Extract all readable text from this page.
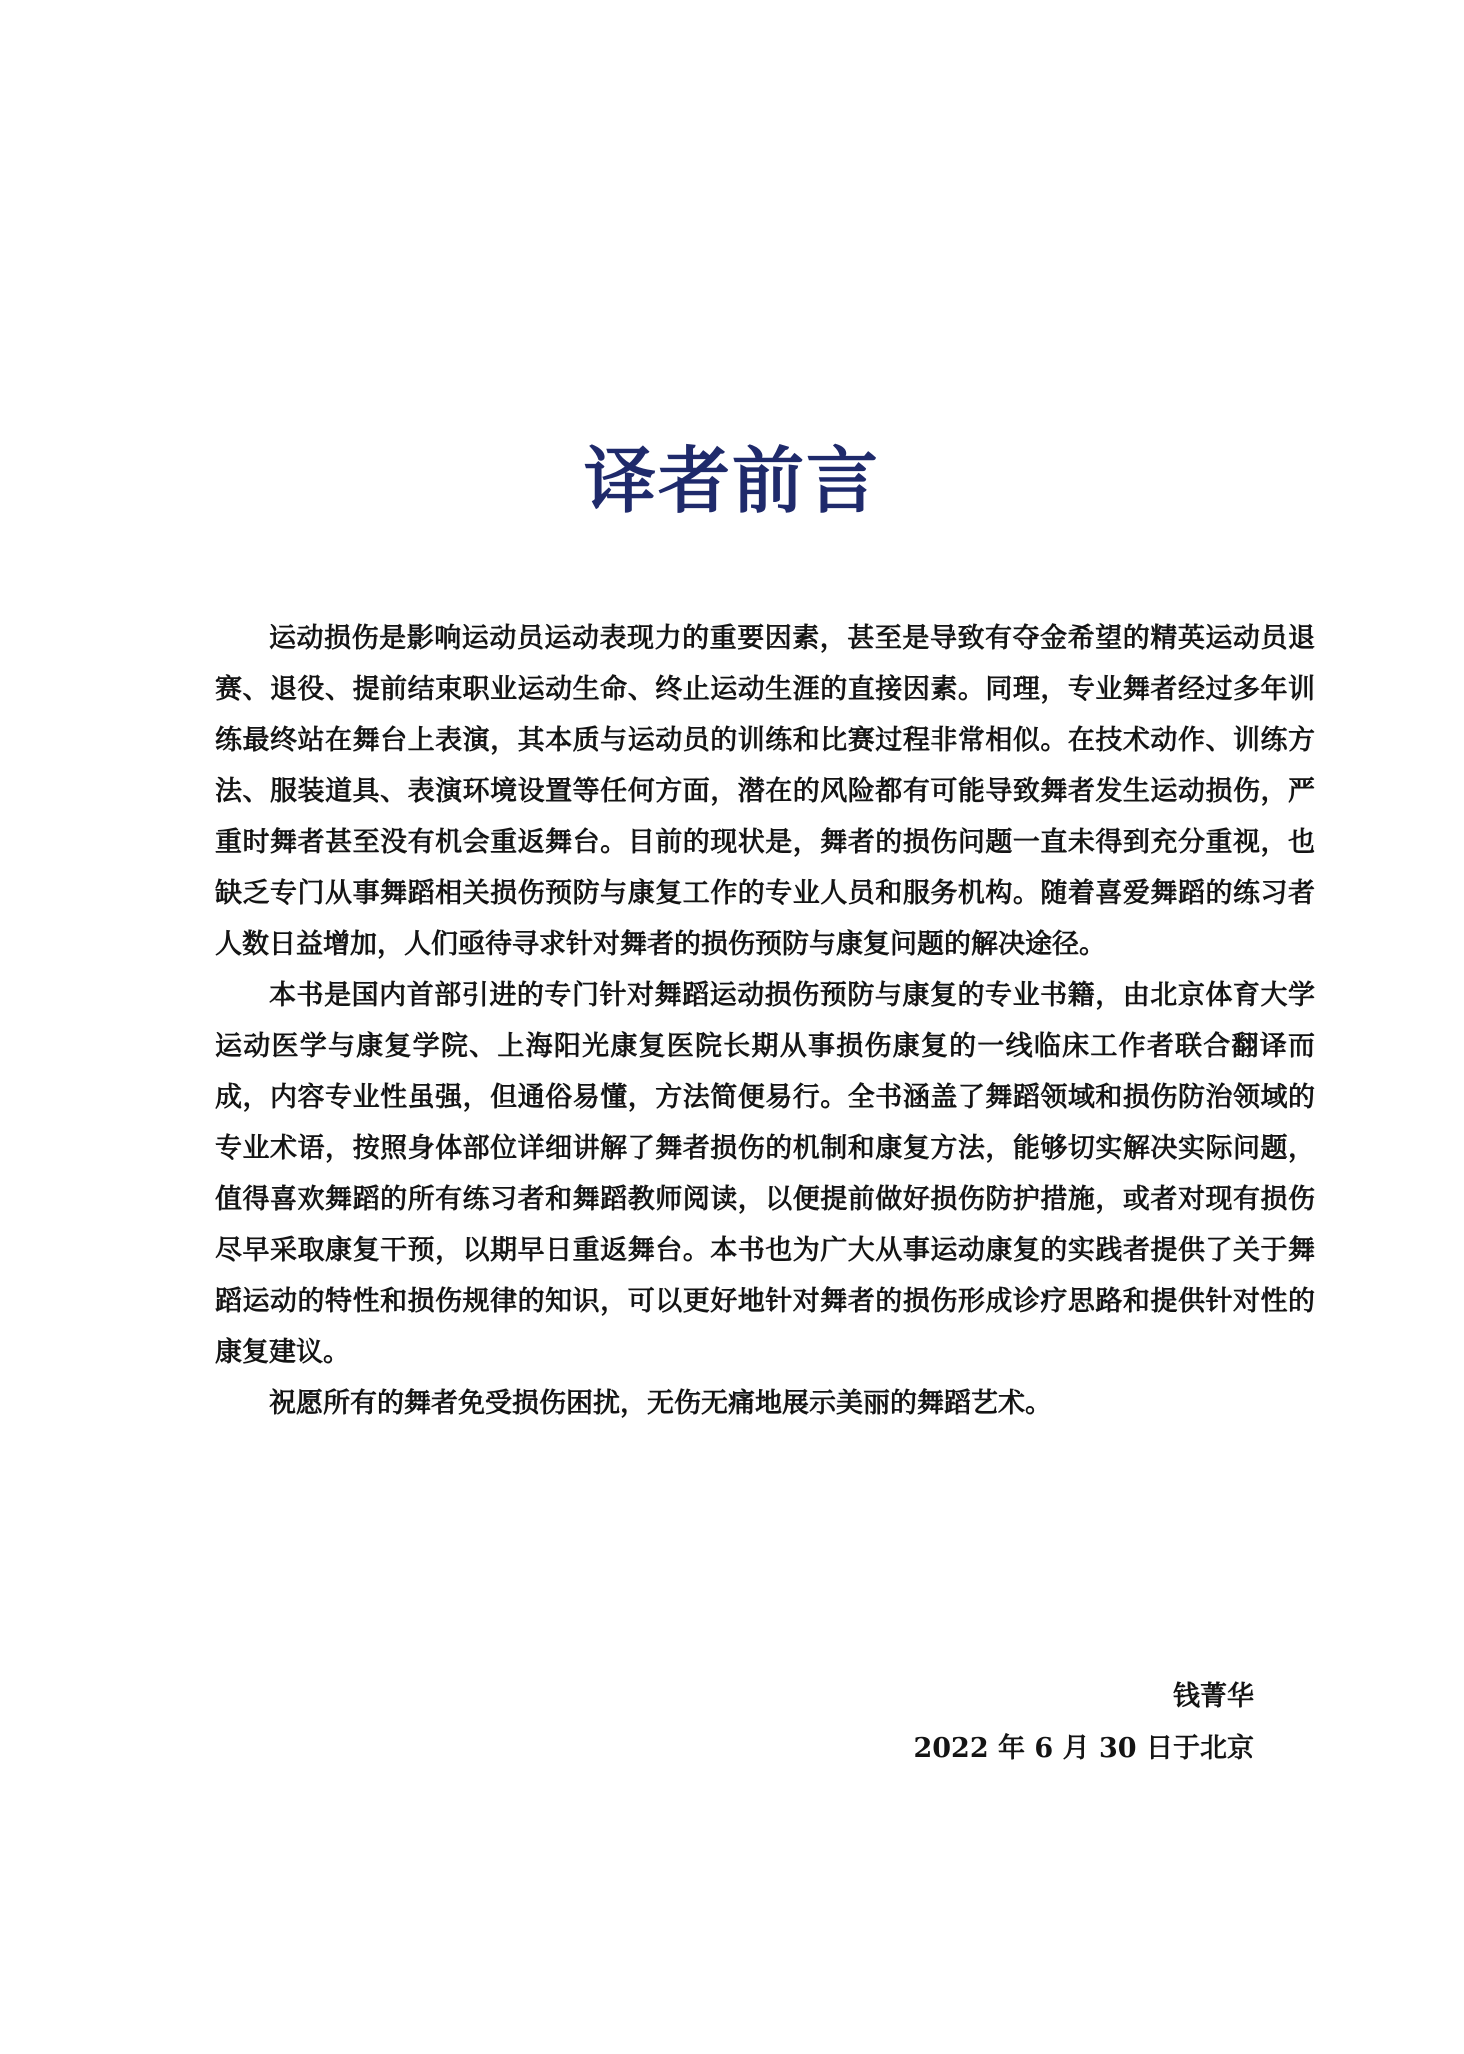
译者前言

运动损伤是影响运动员运动表现力的重要因素，甚至是导致有夺金希望的精英运动员退赛、退役、提前结束职业运动生命、终止运动生涯的直接因素。同理，专业舞者经过多年训练最终站在舞台上表演，其本质与运动员的训练和比赛过程非常相似。在技术动作、训练方法、服装道具、表演环境设置等任何方面，潜在的风险都有可能导致舞者发生运动损伤，严重时舞者甚至没有机会重返舞台。目前的现状是，舞者的损伤问题一直未得到充分重视，也缺乏专门从事舞蹈相关损伤预防与康复工作的专业人员和服务机构。随着喜爱舞蹈的练习者人数日益增加，人们亟待寻求针对舞者的损伤预防与康复问题的解决途径。

本书是国内首部引进的专门针对舞蹈运动损伤预防与康复的专业书籍，由北京体育大学运动医学与康复学院、上海阳光康复医院长期从事损伤康复的一线临床工作者联合翻译而成，内容专业性虽强，但通俗易懂，方法简便易行。全书涵盖了舞蹈领域和损伤防治领域的专业术语，按照身体部位详细讲解了舞者损伤的机制和康复方法，能够切实解决实际问题，值得喜欢舞蹈的所有练习者和舞蹈教师阅读，以便提前做好损伤防护措施，或者对现有损伤尽早采取康复干预，以期早日重返舞台。本书也为广大从事运动康复的实践者提供了关于舞蹈运动的特性和损伤规律的知识，可以更好地针对舞者的损伤形成诊疗思路和提供针对性的康复建议。

祝愿所有的舞者免受损伤困扰，无伤无痛地展示美丽的舞蹈艺术。

钱菁华
2022 年 6 月 30 日于北京
